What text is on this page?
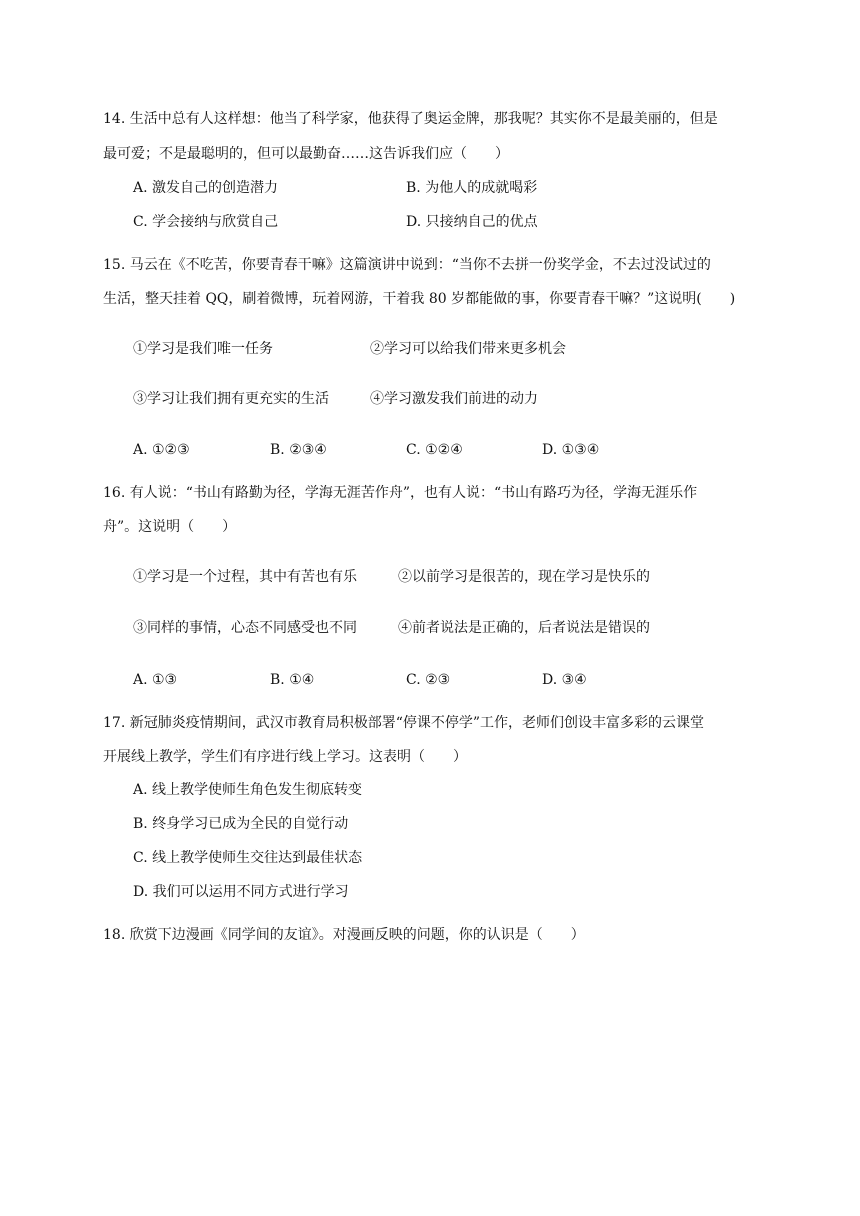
14. 生活中总有人这样想：他当了科学家，他获得了奥运金牌，那我呢？其实你不是最美丽的，但是
最可爱；不是最聪明的，但可以最勤奋……这告诉我们应（　　）
A. 激发自己的创造潜力	B. 为他人的成就喝彩
C. 学会接纳与欣赏自己	D. 只接纳自己的优点
15. 马云在《不吃苦，你要青春干嘛》这篇演讲中说到：“当你不去拼一份奖学金，不去过没试过的
生活，整天挂着 QQ，刷着微博，玩着网游，干着我 80 岁都能做的事，你要青春干嘛？”这说明(　　)
①学习是我们唯一任务	②学习可以给我们带来更多机会
③学习让我们拥有更充实的生活	④学习激发我们前进的动力
A. ①②③	B. ②③④	C. ①②④	D. ①③④
16. 有人说：“书山有路勤为径，学海无涯苦作舟”，也有人说：“书山有路巧为径，学海无涯乐作
舟”。这说明（　　）
①学习是一个过程，其中有苦也有乐	②以前学习是很苦的，现在学习是快乐的
③同样的事情，心态不同感受也不同	④前者说法是正确的，后者说法是错误的
A. ①③	B. ①④	C. ②③	D. ③④
17. 新冠肺炎疫情期间，武汉市教育局积极部署“停课不停学”工作，老师们创设丰富多彩的云课堂
开展线上教学，学生们有序进行线上学习。这表明（　　）
A. 线上教学使师生角色发生彻底转变
B. 终身学习已成为全民的自觉行动
C. 线上教学使师生交往达到最佳状态
D. 我们可以运用不同方式进行学习
18. 欣赏下边漫画《同学间的友谊》。对漫画反映的问题，你的认识是（　　）
